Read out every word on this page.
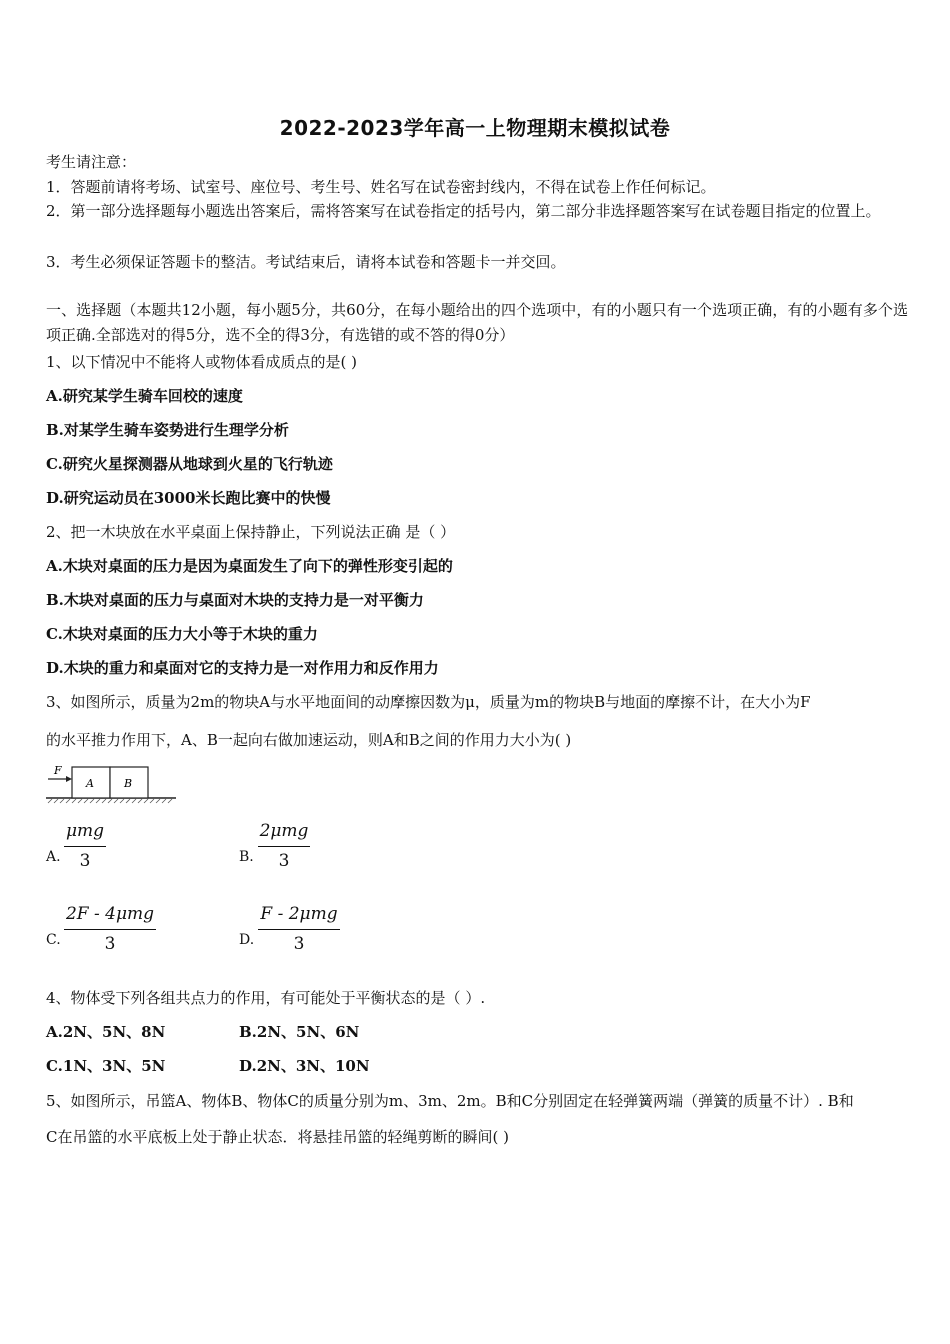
2022-2023学年高一上物理期末模拟试卷
考生请注意：
1．答题前请将考场、试室号、座位号、考生号、姓名写在试卷密封线内，不得在试卷上作任何标记。
2．第一部分选择题每小题选出答案后，需将答案写在试卷指定的括号内，第二部分非选择题答案写在试卷题目指定的位置上。
3．考生必须保证答题卡的整洁。考试结束后，请将本试卷和答题卡一并交回。
一、选择题（本题共12小题，每小题5分，共60分，在每小题给出的四个选项中，有的小题只有一个选项正确，有的小题有多个选项正确.全部选对的得5分，选不全的得3分，有选错的或不答的得0分）
1、以下情况中不能将人或物体看成质点的是( )
A.研究某学生骑车回校的速度
B.对某学生骑车姿势进行生理学分析
C.研究火星探测器从地球到火星的飞行轨迹
D.研究运动员在3000米长跑比赛中的快慢
2、把一木块放在水平桌面上保持静止，下列说法正确 是（ ）
A.木块对桌面的压力是因为桌面发生了向下的弹性形变引起的
B.木块对桌面的压力与桌面对木块的支持力是一对平衡力
C.木块对桌面的压力大小等于木块的重力
D.木块的重力和桌面对它的支持力是一对作用力和反作用力
3、如图所示，质量为2m的物块A与水平地面间的动摩擦因数为μ，质量为m的物块B与地面的摩擦不计，在大小为F
的水平推力作用下，A、B一起向右做加速运动，则A和B之间的作用力大小为( )
F
A	B
A.
μmg
3	B.
2μmg
3
C.
2F - 4μmg
3	D.
F - 2μmg
3
4、物体受下列各组共点力的作用，有可能处于平衡状态的是（ ）.
A.2N、5N、8N	B.2N、5N、6N
C.1N、3N、5N	D.2N、3N、10N
5、如图所示，吊篮A、物体B、物体C的质量分别为m、3m、2m。B和C分别固定在轻弹簧两端（弹簧的质量不计）. B和
C在吊篮的水平底板上处于静止状态．将悬挂吊篮的轻绳剪断的瞬间( )
